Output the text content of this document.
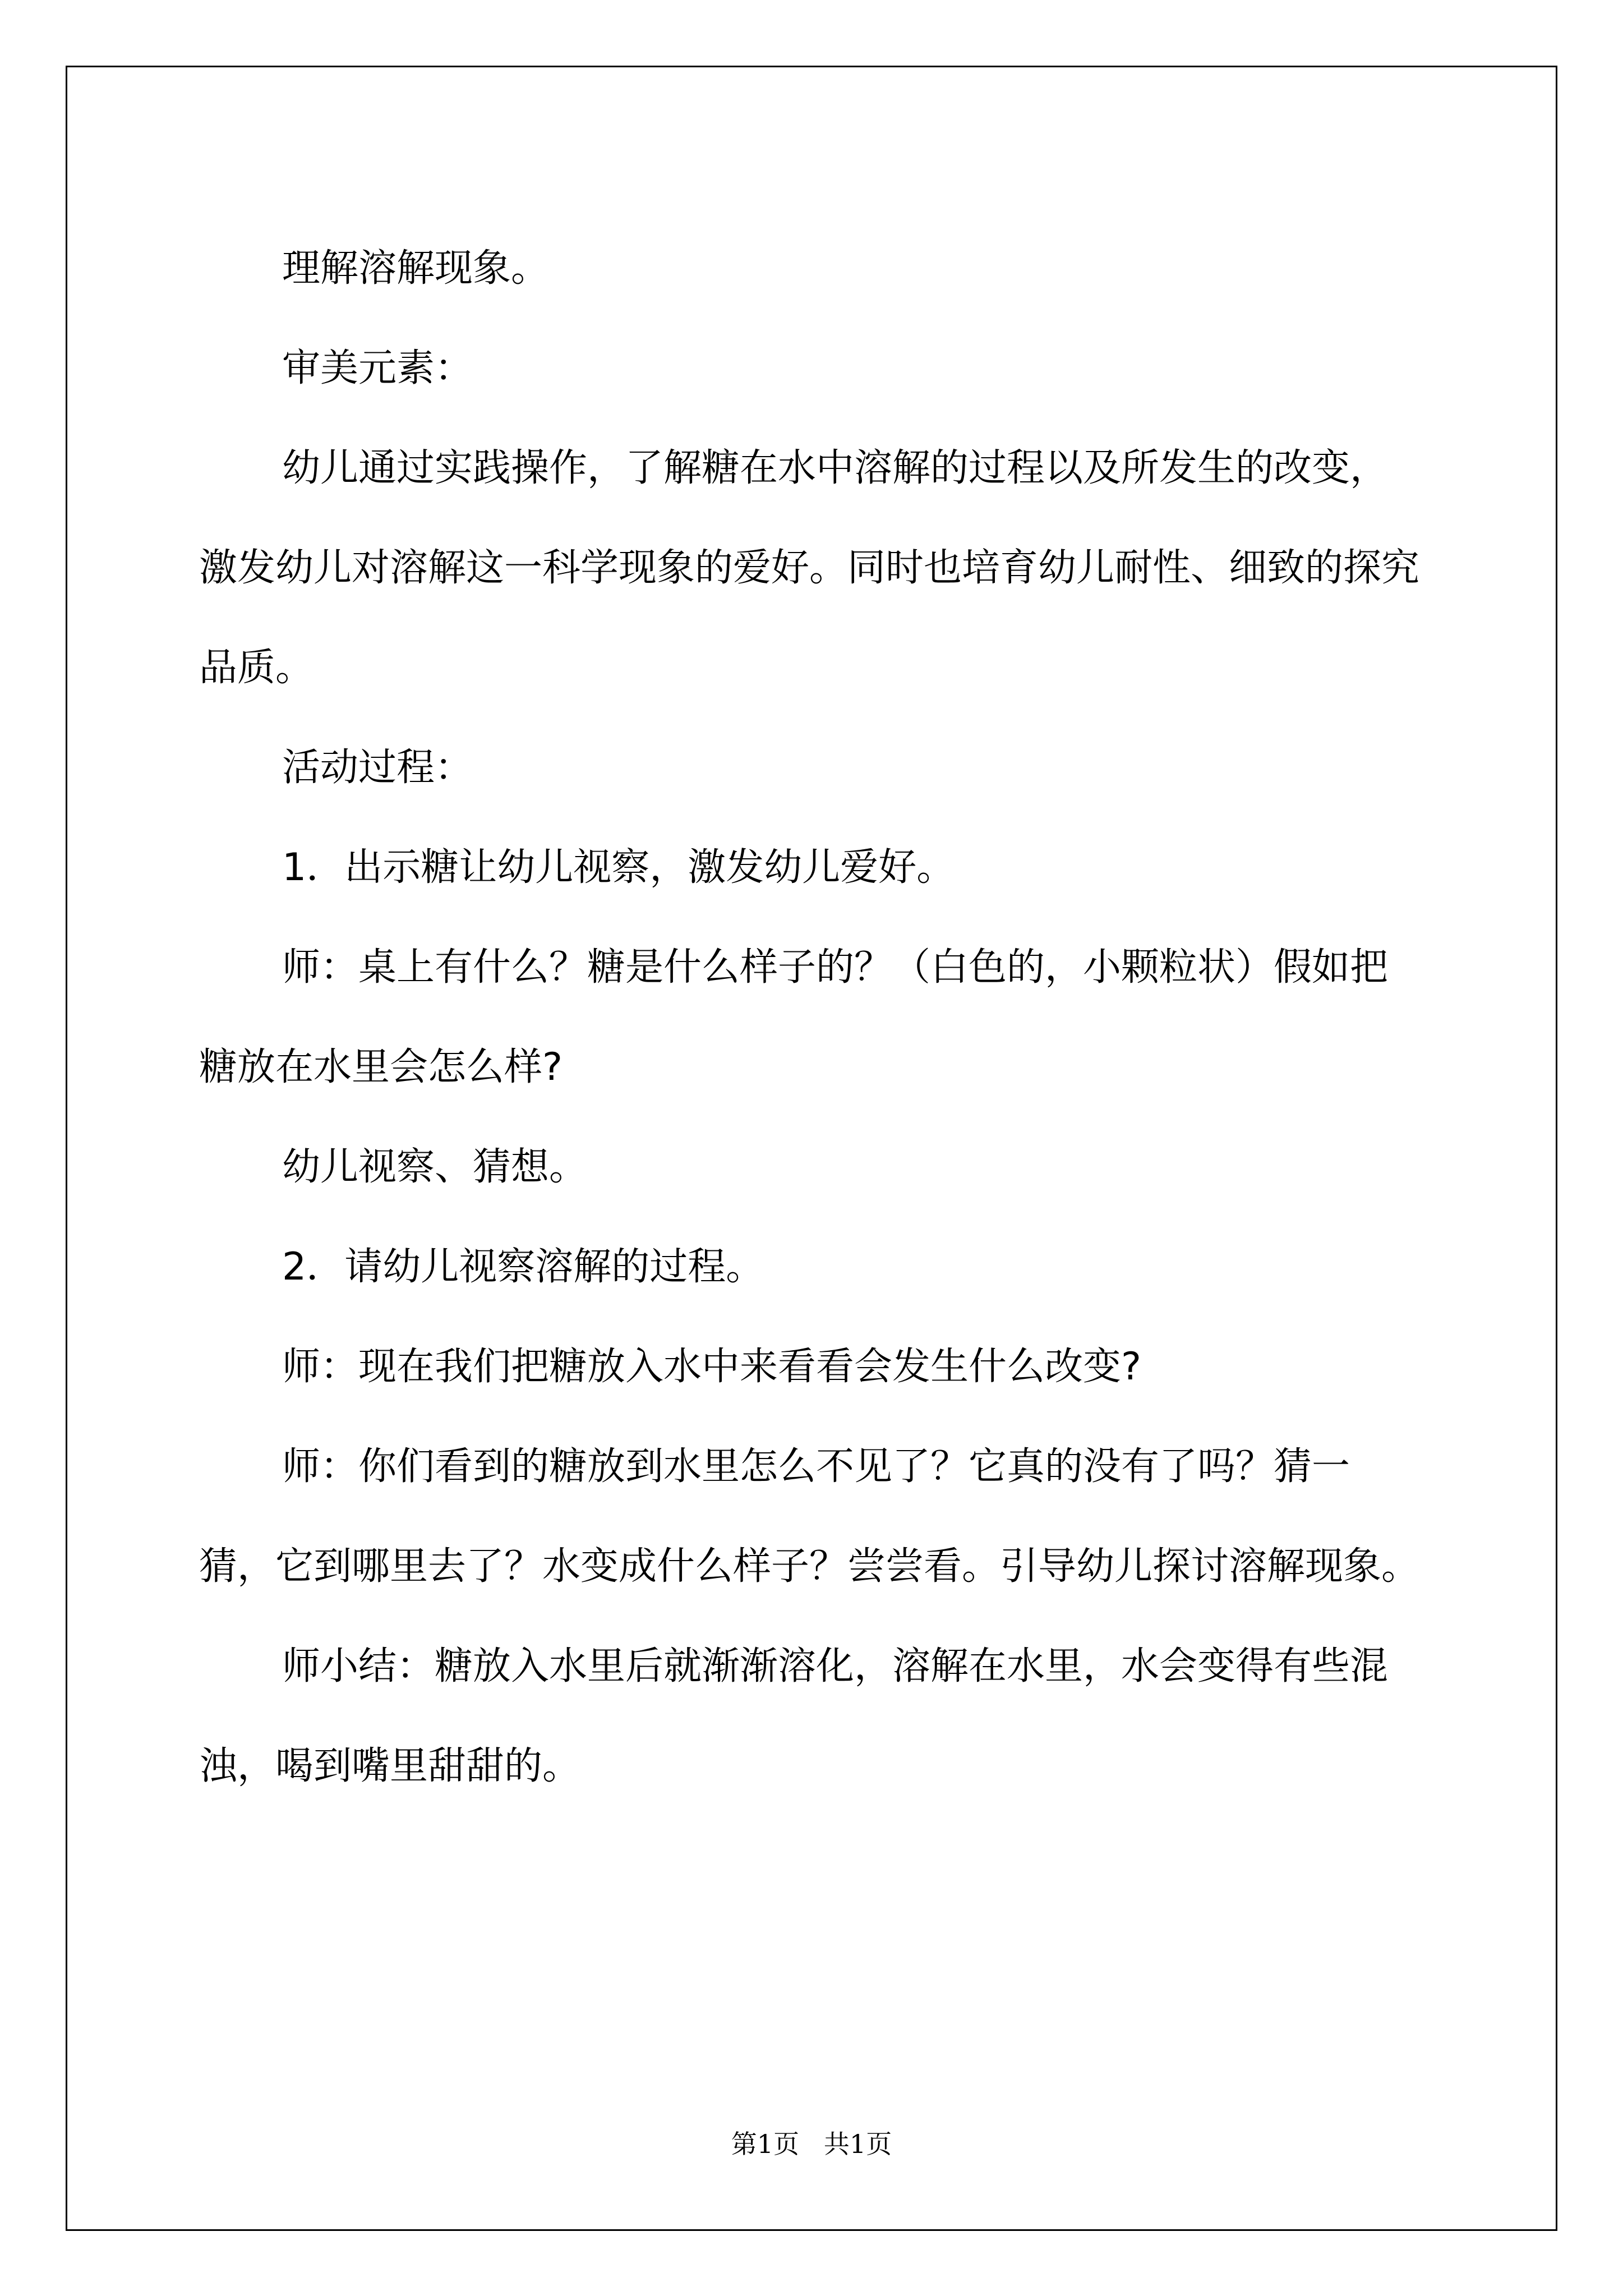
理解溶解现象。

审美元素：

幼儿通过实践操作，了解糖在水中溶解的过程以及所发生的改变，激发幼儿对溶解这一科学现象的爱好。同时也培育幼儿耐性、细致的探究品质。

活动过程：

1．出示糖让幼儿视察，激发幼儿爱好。

师：桌上有什么？糖是什么样子的？（白色的，小颗粒状）假如把糖放在水里会怎么样?

幼儿视察、猜想。

2．请幼儿视察溶解的过程。

师：现在我们把糖放入水中来看看会发生什么改变?

师：你们看到的糖放到水里怎么不见了？它真的没有了吗？猜一猜，它到哪里去了？水变成什么样子？尝尝看。引导幼儿探讨溶解现象。

师小结：糖放入水里后就渐渐溶化，溶解在水里，水会变得有些混浊，喝到嘴里甜甜的。

第1页   共1页
